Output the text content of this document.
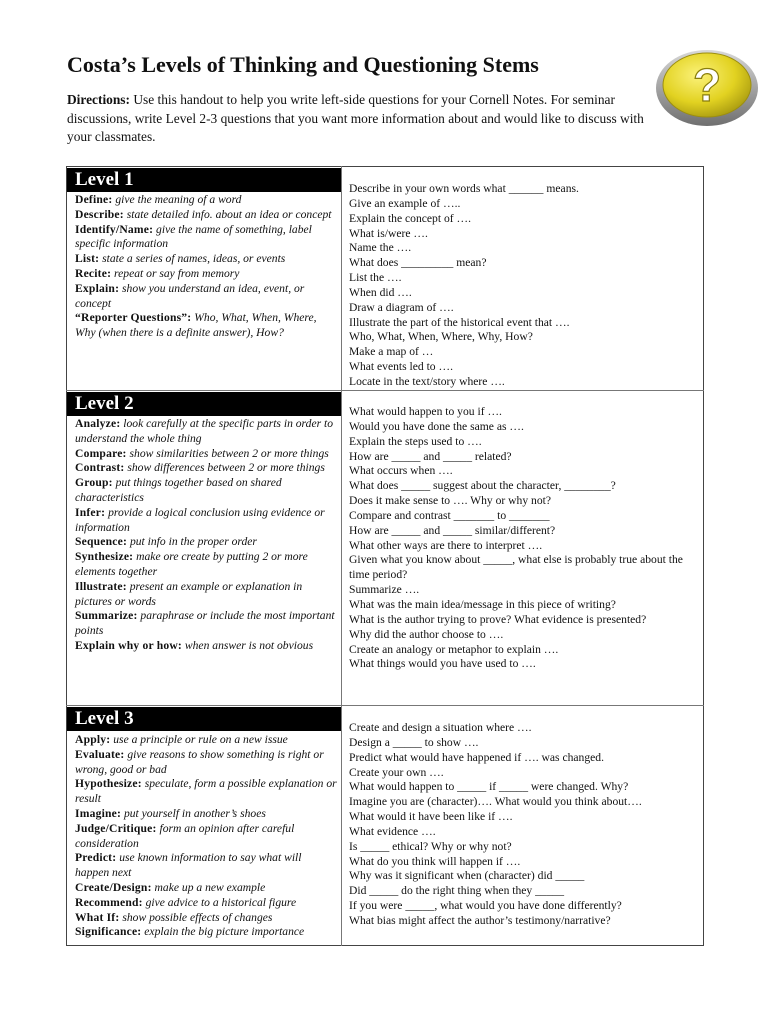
Costa’s Levels of Thinking and Questioning Stems	?
Directions: Use this handout to help you write left-side questions for your Cornell Notes. For seminar discussions, write Level 2-3 questions that you want more information about and would like to discuss with your classmates.
Level 1
Define: give the meaning of a word
Describe: state detailed info. about an idea or concept
Identify/Name: give the name of something, label specific information
List: state a series of names, ideas, or events
Recite: repeat or say from memory
Explain: show you understand an idea, event, or concept
“Reporter Questions”: Who, What, When, Where, Why (when there is a definite answer), How?
Describe in your own words what ______ means.
Give an example of …..
Explain the concept of ….
What is/were ….
Name the ….
What does _________ mean?
List the ….
When did ….
Draw a diagram of ….
Illustrate the part of the historical event that ….
Who, What, When, Where, Why, How?
Make a map of …
What events led to ….
Locate in the text/story where ….
Level 2
Analyze: look carefully at the specific parts in order to understand the whole thing
Compare: show similarities between 2 or more things
Contrast: show differences between 2 or more things
Group: put things together based on shared characteristics
Infer: provide a logical conclusion using evidence or information
Sequence: put info in the proper order
Synthesize: make ore create by putting 2 or more elements together
Illustrate: present an example or explanation in pictures or words
Summarize: paraphrase or include the most important points
Explain why or how: when answer is not obvious
What would happen to you if ….
Would you have done the same as ….
Explain the steps used to ….
How are _____ and _____ related?
What occurs when ….
What does _____ suggest about the character, ________?
Does it make sense to …. Why or why not?
Compare and contrast _______ to _______
How are _____ and _____ similar/different?
What other ways are there to interpret ….
Given what you know about _____, what else is probably true about the time period?
Summarize ….
What was the main idea/message in this piece of writing?
What is the author trying to prove? What evidence is presented?
Why did the author choose to ….
Create an analogy or metaphor to explain ….
What things would you have used to ….
Level 3
Apply: use a principle or rule on a new issue
Evaluate: give reasons to show something is right or wrong, good or bad
Hypothesize: speculate, form a possible explanation or result
Imagine: put yourself in another’s shoes
Judge/Critique: form an opinion after careful consideration
Predict: use known information to say what will happen next
Create/Design: make up a new example
Recommend: give advice to a historical figure
What If: show possible effects of changes
Significance: explain the big picture importance
Create and design a situation where ….
Design a _____ to show ….
Predict what would have happened if …. was changed.
Create your own ….
What would happen to _____ if _____ were changed. Why?
Imagine you are (character)…. What would you think about….
What would it have been like if ….
What evidence ….
Is _____ ethical? Why or why not?
What do you think will happen if ….
Why was it significant when (character) did _____
Did _____ do the right thing when they _____
If you were _____, what would you have done differently?
What bias might affect the author’s testimony/narrative?
